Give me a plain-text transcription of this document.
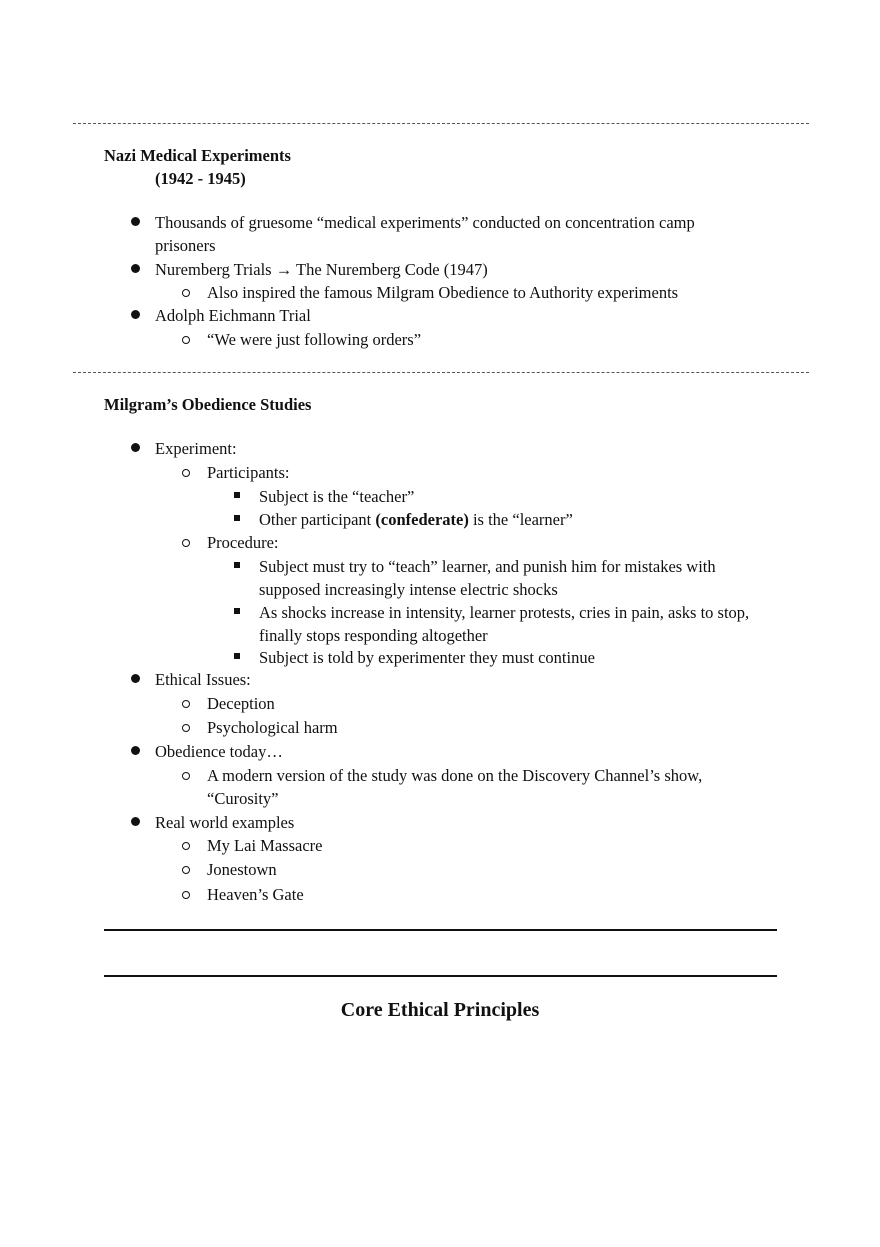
Nazi Medical Experiments
(1942 - 1945)
Thousands of gruesome “medical experiments” conducted on concentration camp
prisoners
Nuremberg Trials → The Nuremberg Code (1947)
Also inspired the famous Milgram Obedience to Authority experiments
Adolph Eichmann Trial
“We were just following orders”
Milgram’s Obedience Studies
Experiment:
Participants:
Subject is the “teacher”
Other participant (confederate) is the “learner”
Procedure:
Subject must try to “teach” learner, and punish him for mistakes with
supposed increasingly intense electric shocks
As shocks increase in intensity, learner protests, cries in pain, asks to stop,
finally stops responding altogether
Subject is told by experimenter they must continue
Ethical Issues:
Deception
Psychological harm
Obedience today…
A modern version of the study was done on the Discovery Channel’s show,
“Curosity”
Real world examples
My Lai Massacre
Jonestown
Heaven’s Gate
Core Ethical Principles
